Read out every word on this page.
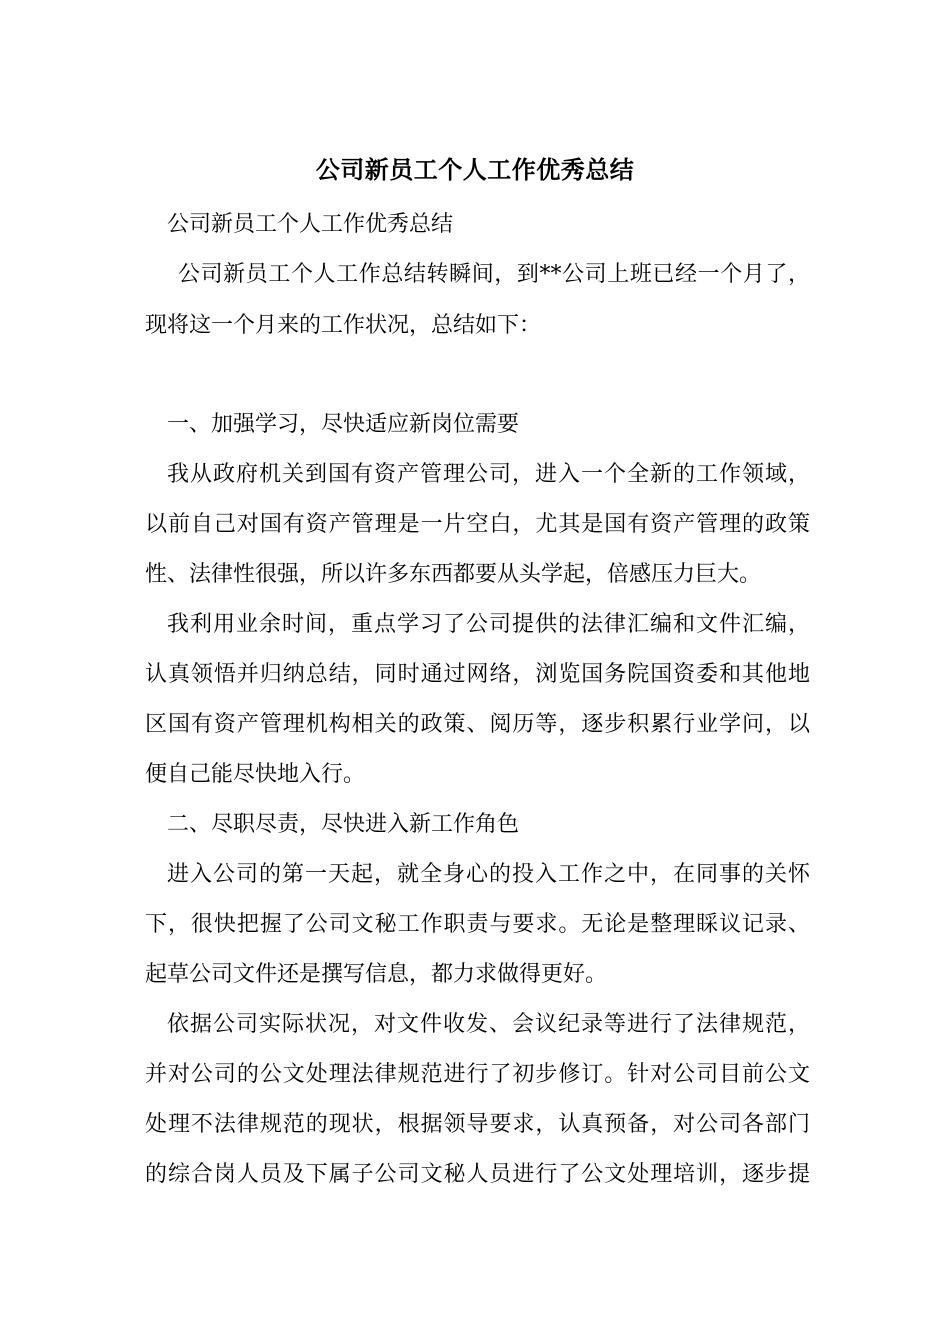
公司新员工个人工作优秀总结
公司新员工个人工作优秀总结
公司新员工个人工作总结转瞬间，到**公司上班已经一个月了，
现将这一个月来的工作状况，总结如下：
一、加强学习，尽快适应新岗位需要
我从政府机关到国有资产管理公司，进入一个全新的工作领域，
以前自己对国有资产管理是一片空白，尤其是国有资产管理的政策
性、法律性很强，所以许多东西都要从头学起，倍感压力巨大。
我利用业余时间，重点学习了公司提供的法律汇编和文件汇编，
认真领悟并归纳总结，同时通过网络，浏览国务院国资委和其他地
区国有资产管理机构相关的政策、阅历等，逐步积累行业学问，以
便自己能尽快地入行。
二、尽职尽责，尽快进入新工作角色
进入公司的第一天起，就全身心的投入工作之中，在同事的关怀
下，很快把握了公司文秘工作职责与要求。无论是整理睬议记录、
起草公司文件还是撰写信息，都力求做得更好。
依据公司实际状况，对文件收发、会议纪录等进行了法律规范，
并对公司的公文处理法律规范进行了初步修订。针对公司目前公文
处理不法律规范的现状，根据领导要求，认真预备，对公司各部门
的综合岗人员及下属子公司文秘人员进行了公文处理培训，逐步提
